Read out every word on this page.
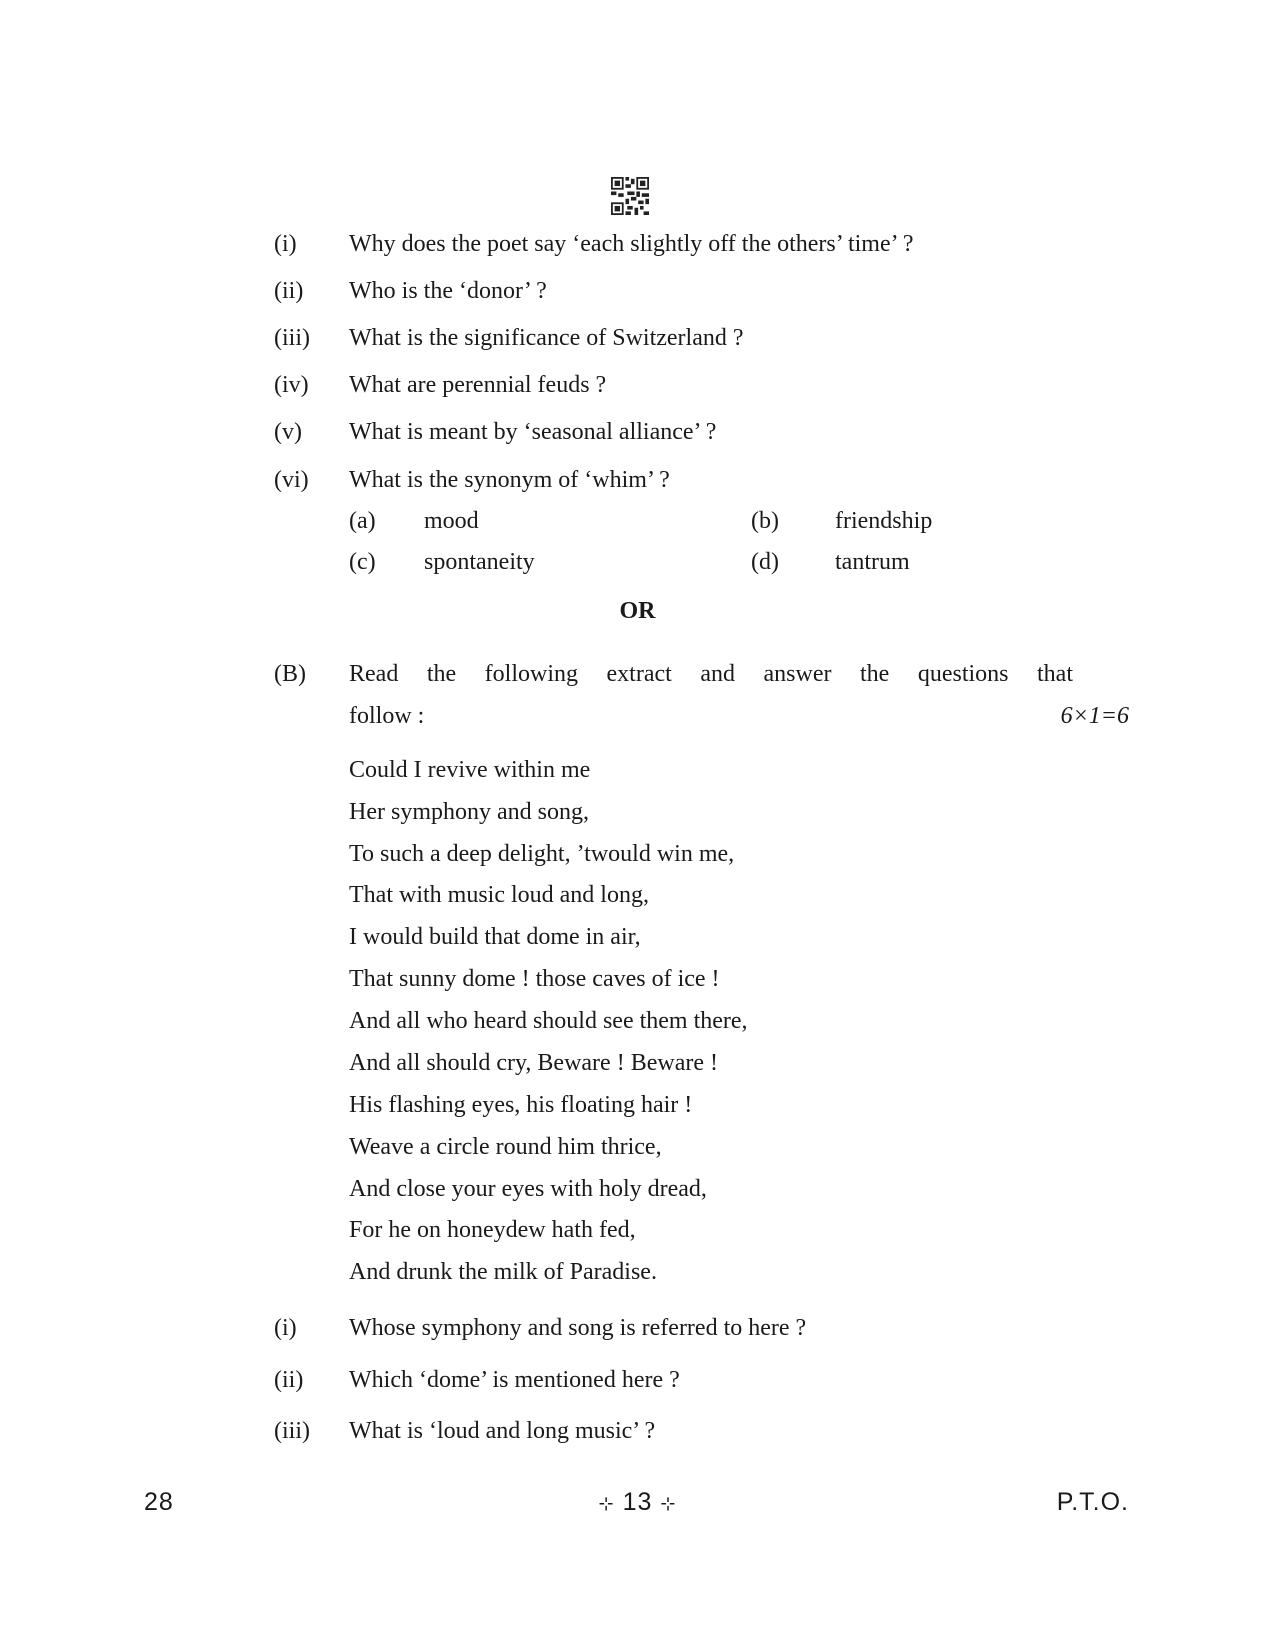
(i) Why does the poet say ‘each slightly off the others’ time’ ?
(ii) Who is the ‘donor’ ?
(iii) What is the significance of Switzerland ?
(iv) What are perennial feuds ?
(v) What is meant by ‘seasonal alliance’ ?
(vi) What is the synonym of ‘whim’ ?
(a) mood	(b) friendship
(c) spontaneity	(d) tantrum
OR
(B) Read the following extract and answer the questions that
follow :	6×1=6
Could I revive within me
Her symphony and song,
To such a deep delight, ’twould win me,
That with music loud and long,
I would build that dome in air,
That sunny dome ! those caves of ice !
And all who heard should see them there,
And all should cry, Beware ! Beware !
His flashing eyes, his floating hair !
Weave a circle round him thrice,
And close your eyes with holy dread,
For he on honeydew hath fed,
And drunk the milk of Paradise.
(i) Whose symphony and song is referred to here ?
(ii) Which ‘dome’ is mentioned here ?
(iii) What is ‘loud and long music’ ?
28	⊹ 13 ⊹	P.T.O.
